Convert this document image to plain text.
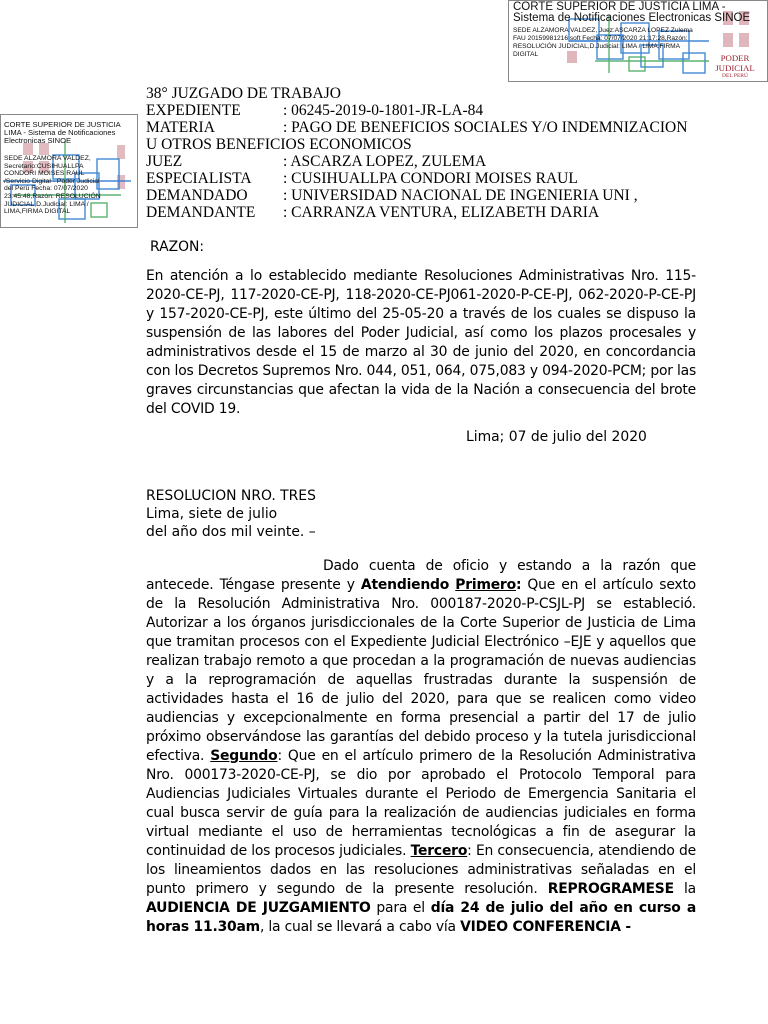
CORTE SUPERIOR DE JUSTICIA LIMA - Sistema de Notificaciones Electronicas SINOE
SEDE ALZAMORA VALDEZ, Juez:ASCARZA LOPEZ Zulema FAU 20159981216 soft Fecha: 07/07/2020 21:17:28,Razón: RESOLUCIÓN JUDICIAL,D.Judicial: LIMA / LIMA,FIRMA DIGITAL	PODER JUDICIAL
DEL PERÚ
CORTE SUPERIOR DE JUSTICIA LIMA - Sistema de Notificaciones Electronicas SINOE
SEDE ALZAMORA VALDEZ, Secretario:CUSIHUALLPA CONDORI MOISES RAUL /Servicio Digital - Poder Judicial del Perú Fecha: 07/07/2020 23:45:48,Razón: RESOLUCIÓN JUDICIAL,D.Judicial: LIMA / LIMA,FIRMA DIGITAL
38° JUZGADO DE TRABAJO
EXPEDIENTE	: 06245-2019-0-1801-JR-LA-84
MATERIA	: PAGO DE BENEFICIOS SOCIALES Y/O INDEMNIZACION
U OTROS BENEFICIOS ECONOMICOS
JUEZ	: ASCARZA LOPEZ, ZULEMA
ESPECIALISTA : CUSIHUALLPA CONDORI MOISES RAUL
DEMANDADO : UNIVERSIDAD NACIONAL DE INGENIERIA UNI ,
DEMANDANTE : CARRANZA VENTURA, ELIZABETH DARIA
RAZON:
En atención a lo establecido mediante Resoluciones Administrativas Nro. 115-2020-CE-PJ, 117-2020-CE-PJ, 118-2020-CE-PJ061-2020-P-CE-PJ, 062-2020-P-CE-PJ y 157-2020-CE-PJ, este último del 25-05-20 a través de los cuales se dispuso la suspensión de las labores del Poder Judicial, así como los plazos procesales y administrativos desde el 15 de marzo al 30 de junio del 2020, en concordancia con los Decretos Supremos Nro. 044, 051, 064, 075,083 y 094-2020-PCM; por las graves circunstancias que afectan la vida de la Nación a consecuencia del brote del COVID 19.
Lima; 07 de julio del 2020
RESOLUCION NRO. TRES
Lima, siete de julio
del año dos mil veinte. –
Dado cuenta de oficio y estando a la razón que
antecede. Téngase presente y Atendiendo Primero: Que en el artículo sexto de la Resolución Administrativa Nro. 000187-2020-P-CSJL-PJ se estableció. Autorizar a los órganos jurisdiccionales de la Corte Superior de Justicia de Lima que tramitan procesos con el Expediente Judicial Electrónico –EJE y aquellos que realizan trabajo remoto a que procedan a la programación de nuevas audiencias y a la reprogramación de aquellas frustradas durante la suspensión de actividades hasta el 16 de julio del 2020, para que se realicen como video audiencias y excepcionalmente en forma presencial a partir del 17 de julio próximo observándose las garantías del debido proceso y la tutela jurisdiccional efectiva. Segundo: Que en el artículo primero de la Resolución Administrativa Nro. 000173-2020-CE-PJ, se dio por aprobado el Protocolo Temporal para Audiencias Judiciales Virtuales durante el Periodo de Emergencia Sanitaria el cual busca servir de guía para la realización de audiencias judiciales en forma virtual mediante el uso de herramientas tecnológicas a fin de asegurar la continuidad de los procesos judiciales. Tercero: En consecuencia, atendiendo de los lineamientos dados en las resoluciones administrativas señaladas en el punto primero y segundo de la presente resolución. REPROGRAMESE la AUDIENCIA DE JUZGAMIENTO para el día 24 de julio del año en curso a horas 11.30am, la cual se llevará a cabo vía VIDEO CONFERENCIA -
